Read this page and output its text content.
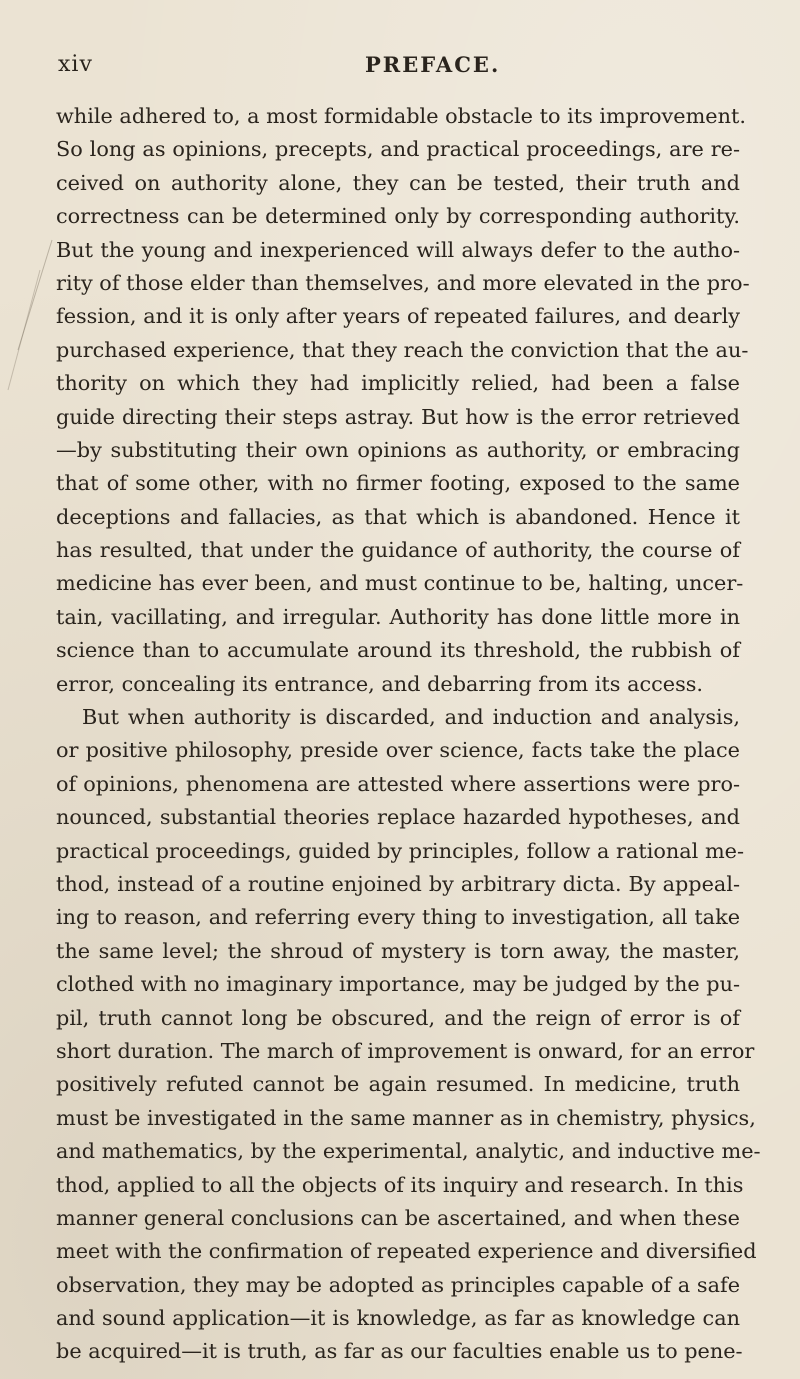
xiv	PREFACE.
while adhered to, a most formidable obstacle to its improvement.
So long as opinions, precepts, and practical proceedings, are re-
ceived on authority alone, they can be tested, their truth and
correctness can be determined only by corresponding authority.
But the young and inexperienced will always defer to the autho-
rity of those elder than themselves, and more elevated in the pro-
fession, and it is only after years of repeated failures, and dearly
purchased experience, that they reach the conviction that the au-
thority on which they had implicitly relied, had been a false
guide directing their steps astray. But how is the error retrieved
—by substituting their own opinions as authority, or embracing
that of some other, with no firmer footing, exposed to the same
deceptions and fallacies, as that which is abandoned. Hence it
has resulted, that under the guidance of authority, the course of
medicine has ever been, and must continue to be, halting, uncer-
tain, vacillating, and irregular. Authority has done little more in
science than to accumulate around its threshold, the rubbish of
error, concealing its entrance, and debarring from its access.
But when authority is discarded, and induction and analysis,
or positive philosophy, preside over science, facts take the place
of opinions, phenomena are attested where assertions were pro-
nounced, substantial theories replace hazarded hypotheses, and
practical proceedings, guided by principles, follow a rational me-
thod, instead of a routine enjoined by arbitrary dicta. By appeal-
ing to reason, and referring every thing to investigation, all take
the same level; the shroud of mystery is torn away, the master,
clothed with no imaginary importance, may be judged by the pu-
pil, truth cannot long be obscured, and the reign of error is of
short duration. The march of improvement is onward, for an error
positively refuted cannot be again resumed. In medicine, truth
must be investigated in the same manner as in chemistry, physics,
and mathematics, by the experimental, analytic, and inductive me-
thod, applied to all the objects of its inquiry and research. In this
manner general conclusions can be ascertained, and when these
meet with the confirmation of repeated experience and diversified
observation, they may be adopted as principles capable of a safe
and sound application—it is knowledge, as far as knowledge can
be acquired—it is truth, as far as our faculties enable us to pene-
